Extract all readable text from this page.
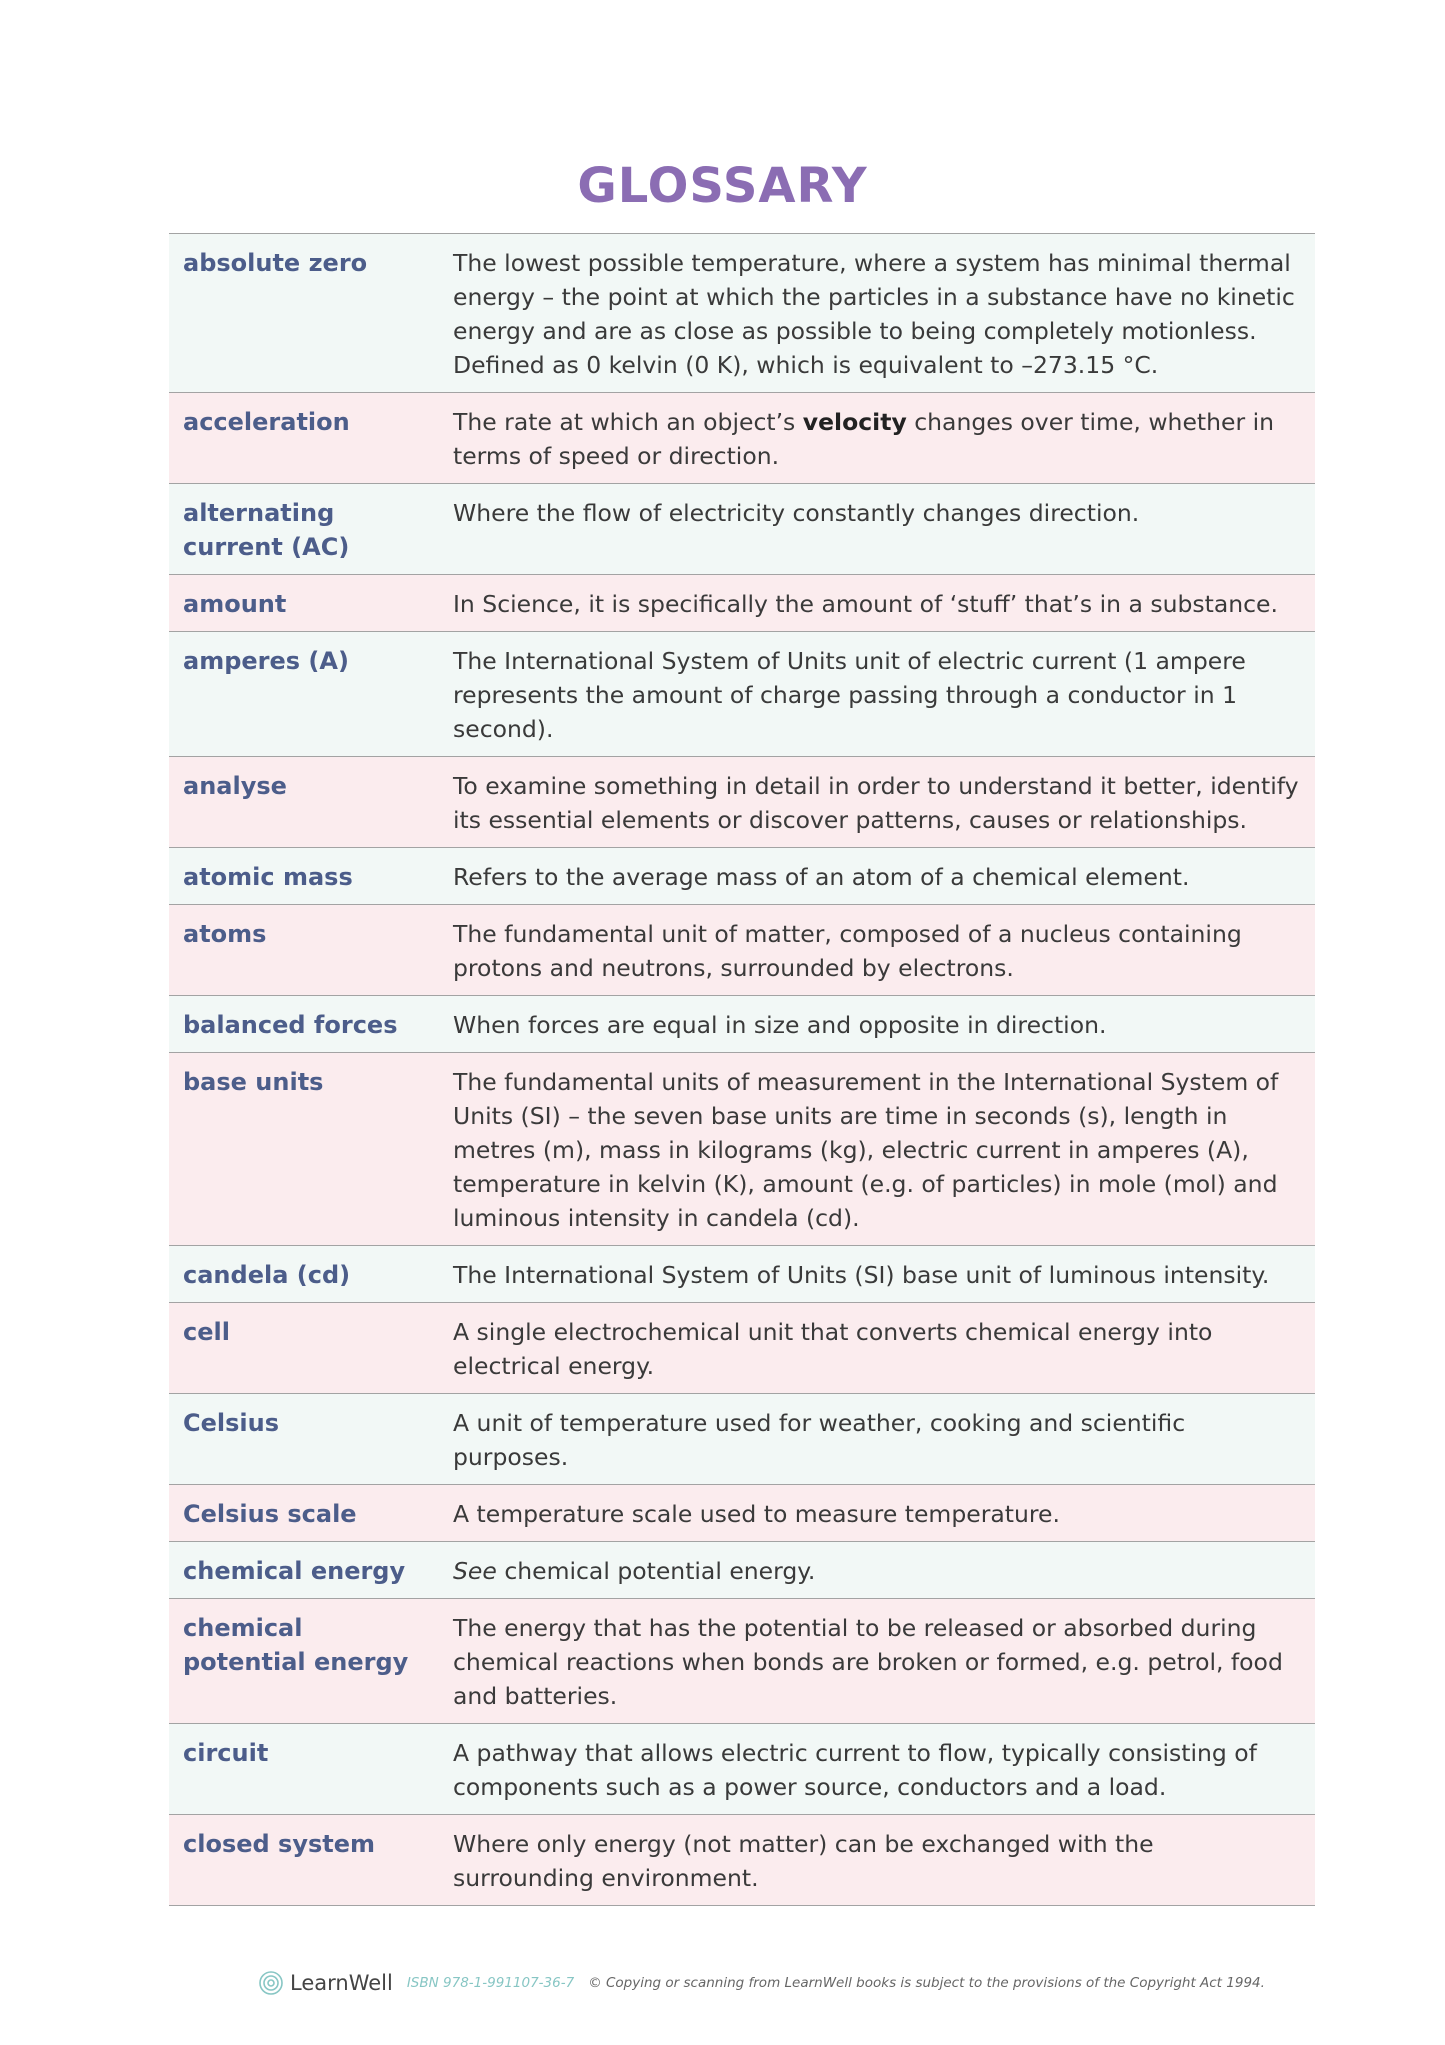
GLOSSARY
absolute zero	The lowest possible temperature, where a system has minimal thermal energy – the point at which the particles in a substance have no kinetic energy and are as close as possible to being completely motionless. Defined as 0 kelvin (0 K), which is equivalent to –273.15 °C.
acceleration	The rate at which an object’s velocity changes over time, whether in terms of speed or direction.
alternating current (AC)	Where the flow of electricity constantly changes direction.
amount	In Science, it is specifically the amount of ‘stuff’ that’s in a substance.
amperes (A)	The International System of Units unit of electric current (1 ampere represents the amount of charge passing through a conductor in 1 second).
analyse	To examine something in detail in order to understand it better, identify its essential elements or discover patterns, causes or relationships.
atomic mass	Refers to the average mass of an atom of a chemical element.
atoms	The fundamental unit of matter, composed of a nucleus containing protons and neutrons, surrounded by electrons.
balanced forces	When forces are equal in size and opposite in direction.
base units	The fundamental units of measurement in the International System of Units (SI) – the seven base units are time in seconds (s), length in metres (m), mass in kilograms (kg), electric current in amperes (A), temperature in kelvin (K), amount (e.g. of particles) in mole (mol) and luminous intensity in candela (cd).
candela (cd)	The International System of Units (SI) base unit of luminous intensity.
cell	A single electrochemical unit that converts chemical energy into electrical energy.
Celsius	A unit of temperature used for weather, cooking and scientific purposes.
Celsius scale	A temperature scale used to measure temperature.
chemical energy	See chemical potential energy.
chemical potential energy	The energy that has the potential to be released or absorbed during chemical reactions when bonds are broken or formed, e.g. petrol, food and batteries.
circuit	A pathway that allows electric current to flow, typically consisting of components such as a power source, conductors and a load.
closed system	Where only energy (not matter) can be exchanged with the surrounding environment.
LearnWell ISBN 978-1-991107-36-7 © Copying or scanning from LearnWell books is subject to the provisions of the Copyright Act 1994.
